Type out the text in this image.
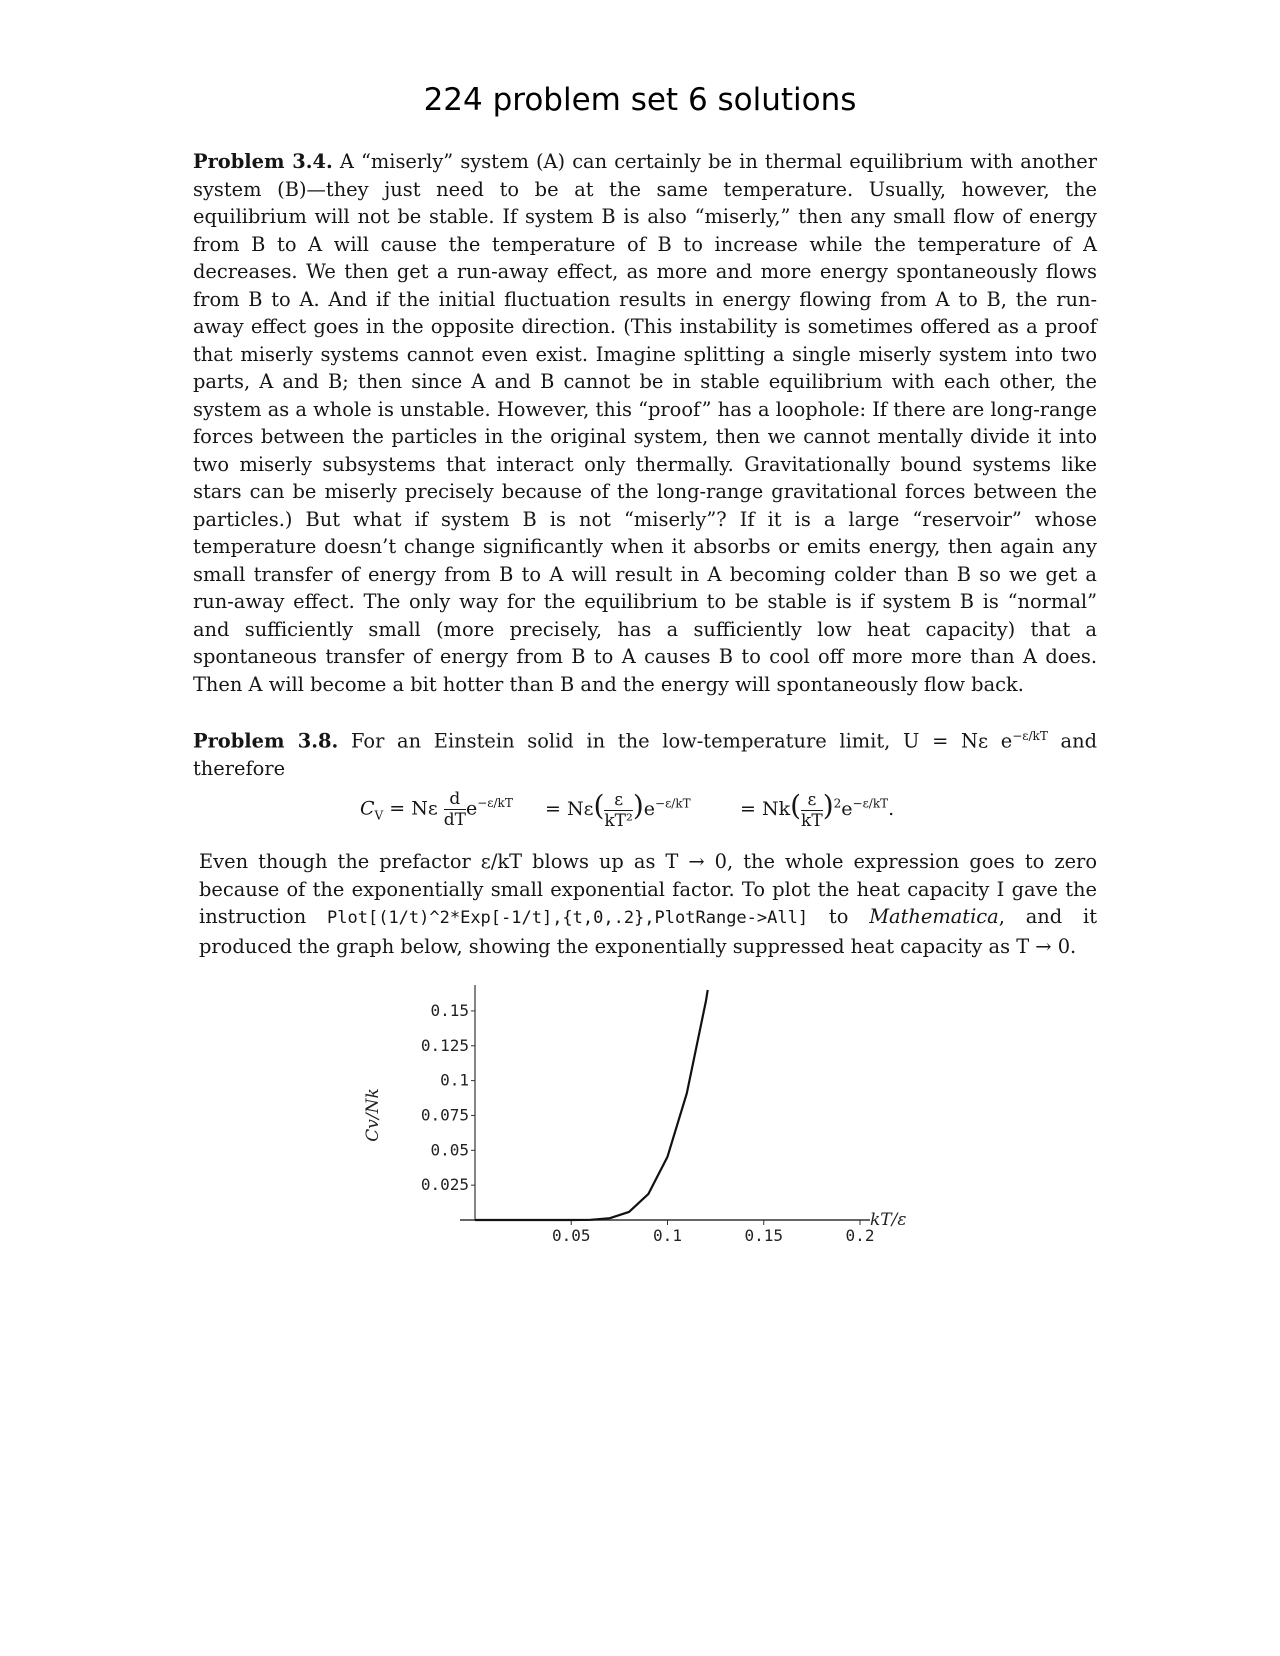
224 problem set 6 solutions

Problem 3.4. A “miserly” system (A) can certainly be in thermal equilibrium with another system (B)—they just need to be at the same temperature. Usually, however, the equilibrium will not be stable. If system B is also “miserly,” then any small flow of energy from B to A will cause the temperature of B to increase while the temperature of A decreases. We then get a run-away effect, as more and more energy spontaneously flows from B to A. And if the initial fluctuation results in energy flowing from A to B, the run-away effect goes in the opposite direction. (This instability is sometimes offered as a proof that miserly systems cannot even exist. Imagine splitting a single miserly system into two parts, A and B; then since A and B cannot be in stable equilibrium with each other, the system as a whole is unstable. However, this “proof” has a loophole: If there are long-range forces between the particles in the original system, then we cannot mentally divide it into two miserly subsystems that interact only thermally. Gravitationally bound systems like stars can be miserly precisely because of the long-range gravitational forces between the particles.) But what if system B is not “miserly”? If it is a large “reservoir” whose temperature doesn’t change significantly when it absorbs or emits energy, then again any small transfer of energy from B to A will result in A becoming colder than B so we get a run-away effect. The only way for the equilibrium to be stable is if system B is “normal” and sufficiently small (more precisely, has a sufficiently low heat capacity) that a spontaneous transfer of energy from B to A causes B to cool off more more than A does. Then A will become a bit hotter than B and the energy will spontaneously flow back.

Problem 3.8. For an Einstein solid in the low-temperature limit, U = Nε $e^{-\varepsilon/kT}$ and therefore

$C_V = N\varepsilon \frac{d}{dT} e^{-\varepsilon/kT} = N\varepsilon( \frac{\varepsilon}{\text{kT²}} )e^{-\varepsilon/kT}$	= $Nk( \frac{\varepsilon}{kT} )^2e^{-\varepsilon/kT}$.

Even though the prefactor ε/kT blows up as T → 0, the whole expression goes to zero because of the exponentially small exponential factor. To plot the heat capacity I gave the instruction Plot[(1/t)^2*Exp[-1/t],{t,0,.2},PlotRange->All] to Mathematica, and it produced the graph below, showing the exponentially suppressed heat capacity as T → 0.

0.025
0.05
0.075
0.1
0.125
0.15
0.05	0.1	0.15	0.2
Cv/Nk
kT/ε
